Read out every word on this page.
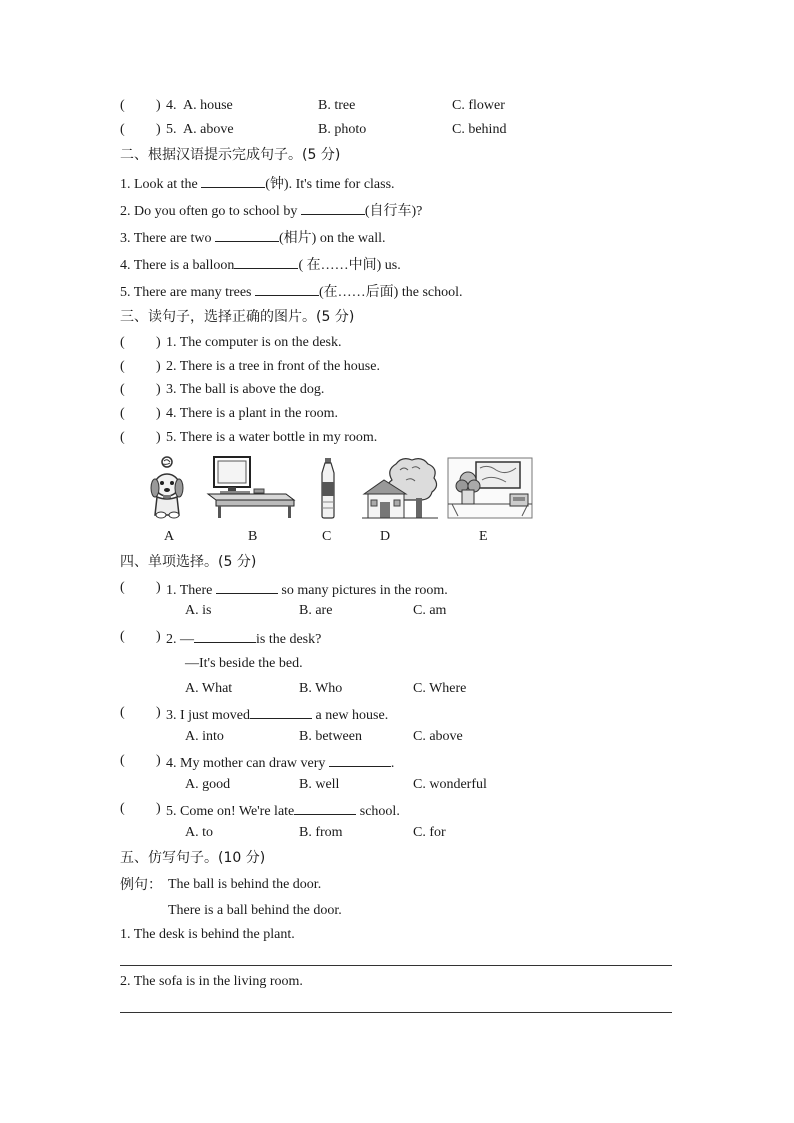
( ) 4. A. house	B. tree	C. flower
( ) 5. A. above	B. photo	C. behind
二、根据汉语提示完成句子。(5 分)
1. Look at the	(钟). It's time for class.
2. Do you often go to school by	(自行车)?
3. There are two	(相片) on the wall.
4. There is a balloon	( 在……中间) us.
5. There are many trees	(在……后面) the school.
三、读句子，选择正确的图片。(5 分)
( ) 1. The computer is on the desk.
( ) 2. There is a tree in front of the house.
( ) 3. The ball is above the dog.
( ) 4. There is a plant in the room.
( ) 5. There is a water bottle in my room.
A	B	C	D	E
四、单项选择。(5 分)
( ) 1. There	so many pictures in the room.
A. is	B. are	C. am
( ) 2. —	is the desk?
—It's beside the bed.
A. What	B. Who	C. Where
( ) 3. I just moved	a new house.
A. into	B. between	C. above
( ) 4. My mother can draw very	.
A. good	B. well	C. wonderful
( ) 5. Come on! We're late	school.
A. to	B. from	C. for
五、仿写句子。(10 分)
例句： The ball is behind the door.
There is a ball behind the door.
1. The desk is behind the plant.
2. The sofa is in the living room.
